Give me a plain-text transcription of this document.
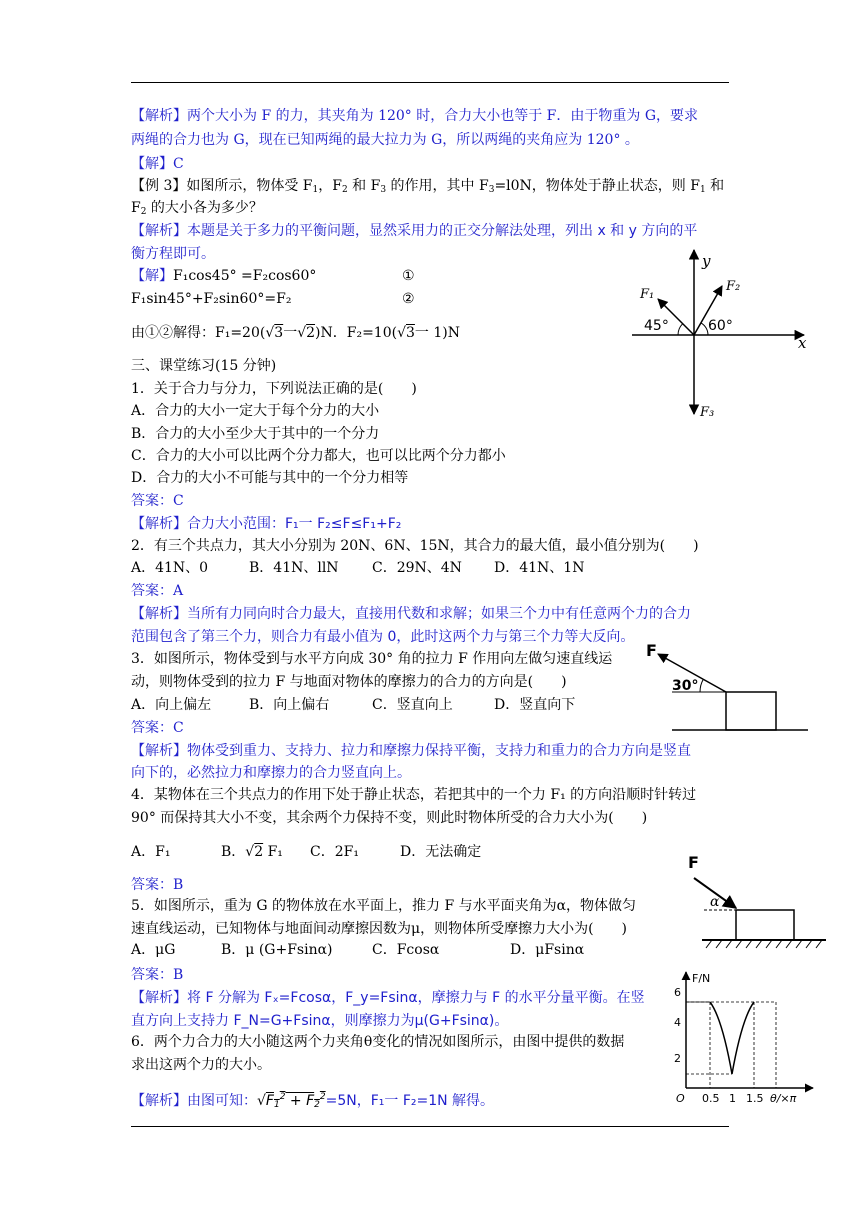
【解析】两个大小为 F 的力，其夹角为 120° 时，合力大小也等于 F．由于物重为 G，要求
两绳的合力也为 G，现在已知两绳的最大拉力为 G，所以两绳的夹角应为 120° 。
【解】C
【例 3】如图所示，物体受 $F_1$，$F_2$ 和 $F_3$ 的作用，其中 $F_3=l0N$，物体处于静止状态，则 $F_1$ 和
$F_2$ 的大小各为多少？
【解析】本题是关于多力的平衡问题，显然采用力的正交分解法处理，列出 x 和 y 方向的平
衡方程即可。
【解】F₁cos45° =F₂cos60°	①
F₁sin45°+F₂sin60°=F₂	②
由①②解得：F₁=20(√3一√2)N．F₂=10(√3一 1)N
y
x
F₁
F₂
F₃
45°	60°
三、课堂练习(15 分钟)
1．关于合力与分力，下列说法正确的是(　　)
A．合力的大小一定大于每个分力的大小
B．合力的大小至少大于其中的一个分力
C．合力的大小可以比两个分力都大，也可以比两个分力都小
D．合力的大小不可能与其中的一个分力相等
答案：C
【解析】合力大小范围：F₁一 F₂≤F≤F₁+F₂
2．有三个共点力，其大小分别为 20N、6N、15N，其合力的最大值，最小值分别为(　　)
A．41N、0	B．41N、llN C．29N、4N D．41N、1N
答案：A
【解析】当所有力同向时合力最大，直接用代数和求解；如果三个力中有任意两个力的合力
范围包含了第三个力，则合力有最小值为 0，此时这两个力与第三个力等大反向。
3．如图所示，物体受到与水平方向成 30° 角的拉力 F 作用向左做匀速直线运
动，则物体受到的拉力 F 与地面对物体的摩擦力的合力的方向是(　　)
A．向上偏左	B．向上偏右	C．竖直向上	D．竖直向下
答案：C
【解析】物体受到重力、支持力、拉力和摩擦力保持平衡，支持力和重力的合力方向是竖直
向下的，必然拉力和摩擦力的合力竖直向上。
F
30°
4．某物体在三个共点力的作用下处于静止状态，若把其中的一个力 F₁ 的方向沿顺时针转过
90° 而保持其大小不变，其余两个力保持不变，则此时物体所受的合力大小为(　　)
A．F₁	B．√2 F₁ C．2F₁	D．无法确定
答案：B
5．如图所示，重为 G 的物体放在水平面上，推力 F 与水平面夹角为α，物体做匀
速直线运动，已知物体与地面间动摩擦因数为μ，则物体所受摩擦力大小为(　　)
A．μG	B．μ (G+Fsinα)	C．Fcosα	D．μFsinα
答案：B
【解析】将 F 分解为 Fₓ=Fcosα，F_y=Fsinα，摩擦力与 F 的水平分量平衡。在竖
直方向上支持力 F_N=G+Fsinα，则摩擦力为μ(G+Fsinα)。
F
α
6．两个力合力的大小随这两个力夹角θ变化的情况如图所示，由图中提供的数据
求出这两个力的大小。
【解析】由图可知：$√F_1^2 + F_2^2=5N$，F₁一 F₂=1N 解得。
F/N
2
4
6
O 0.5 1 1.5 θ/×π
